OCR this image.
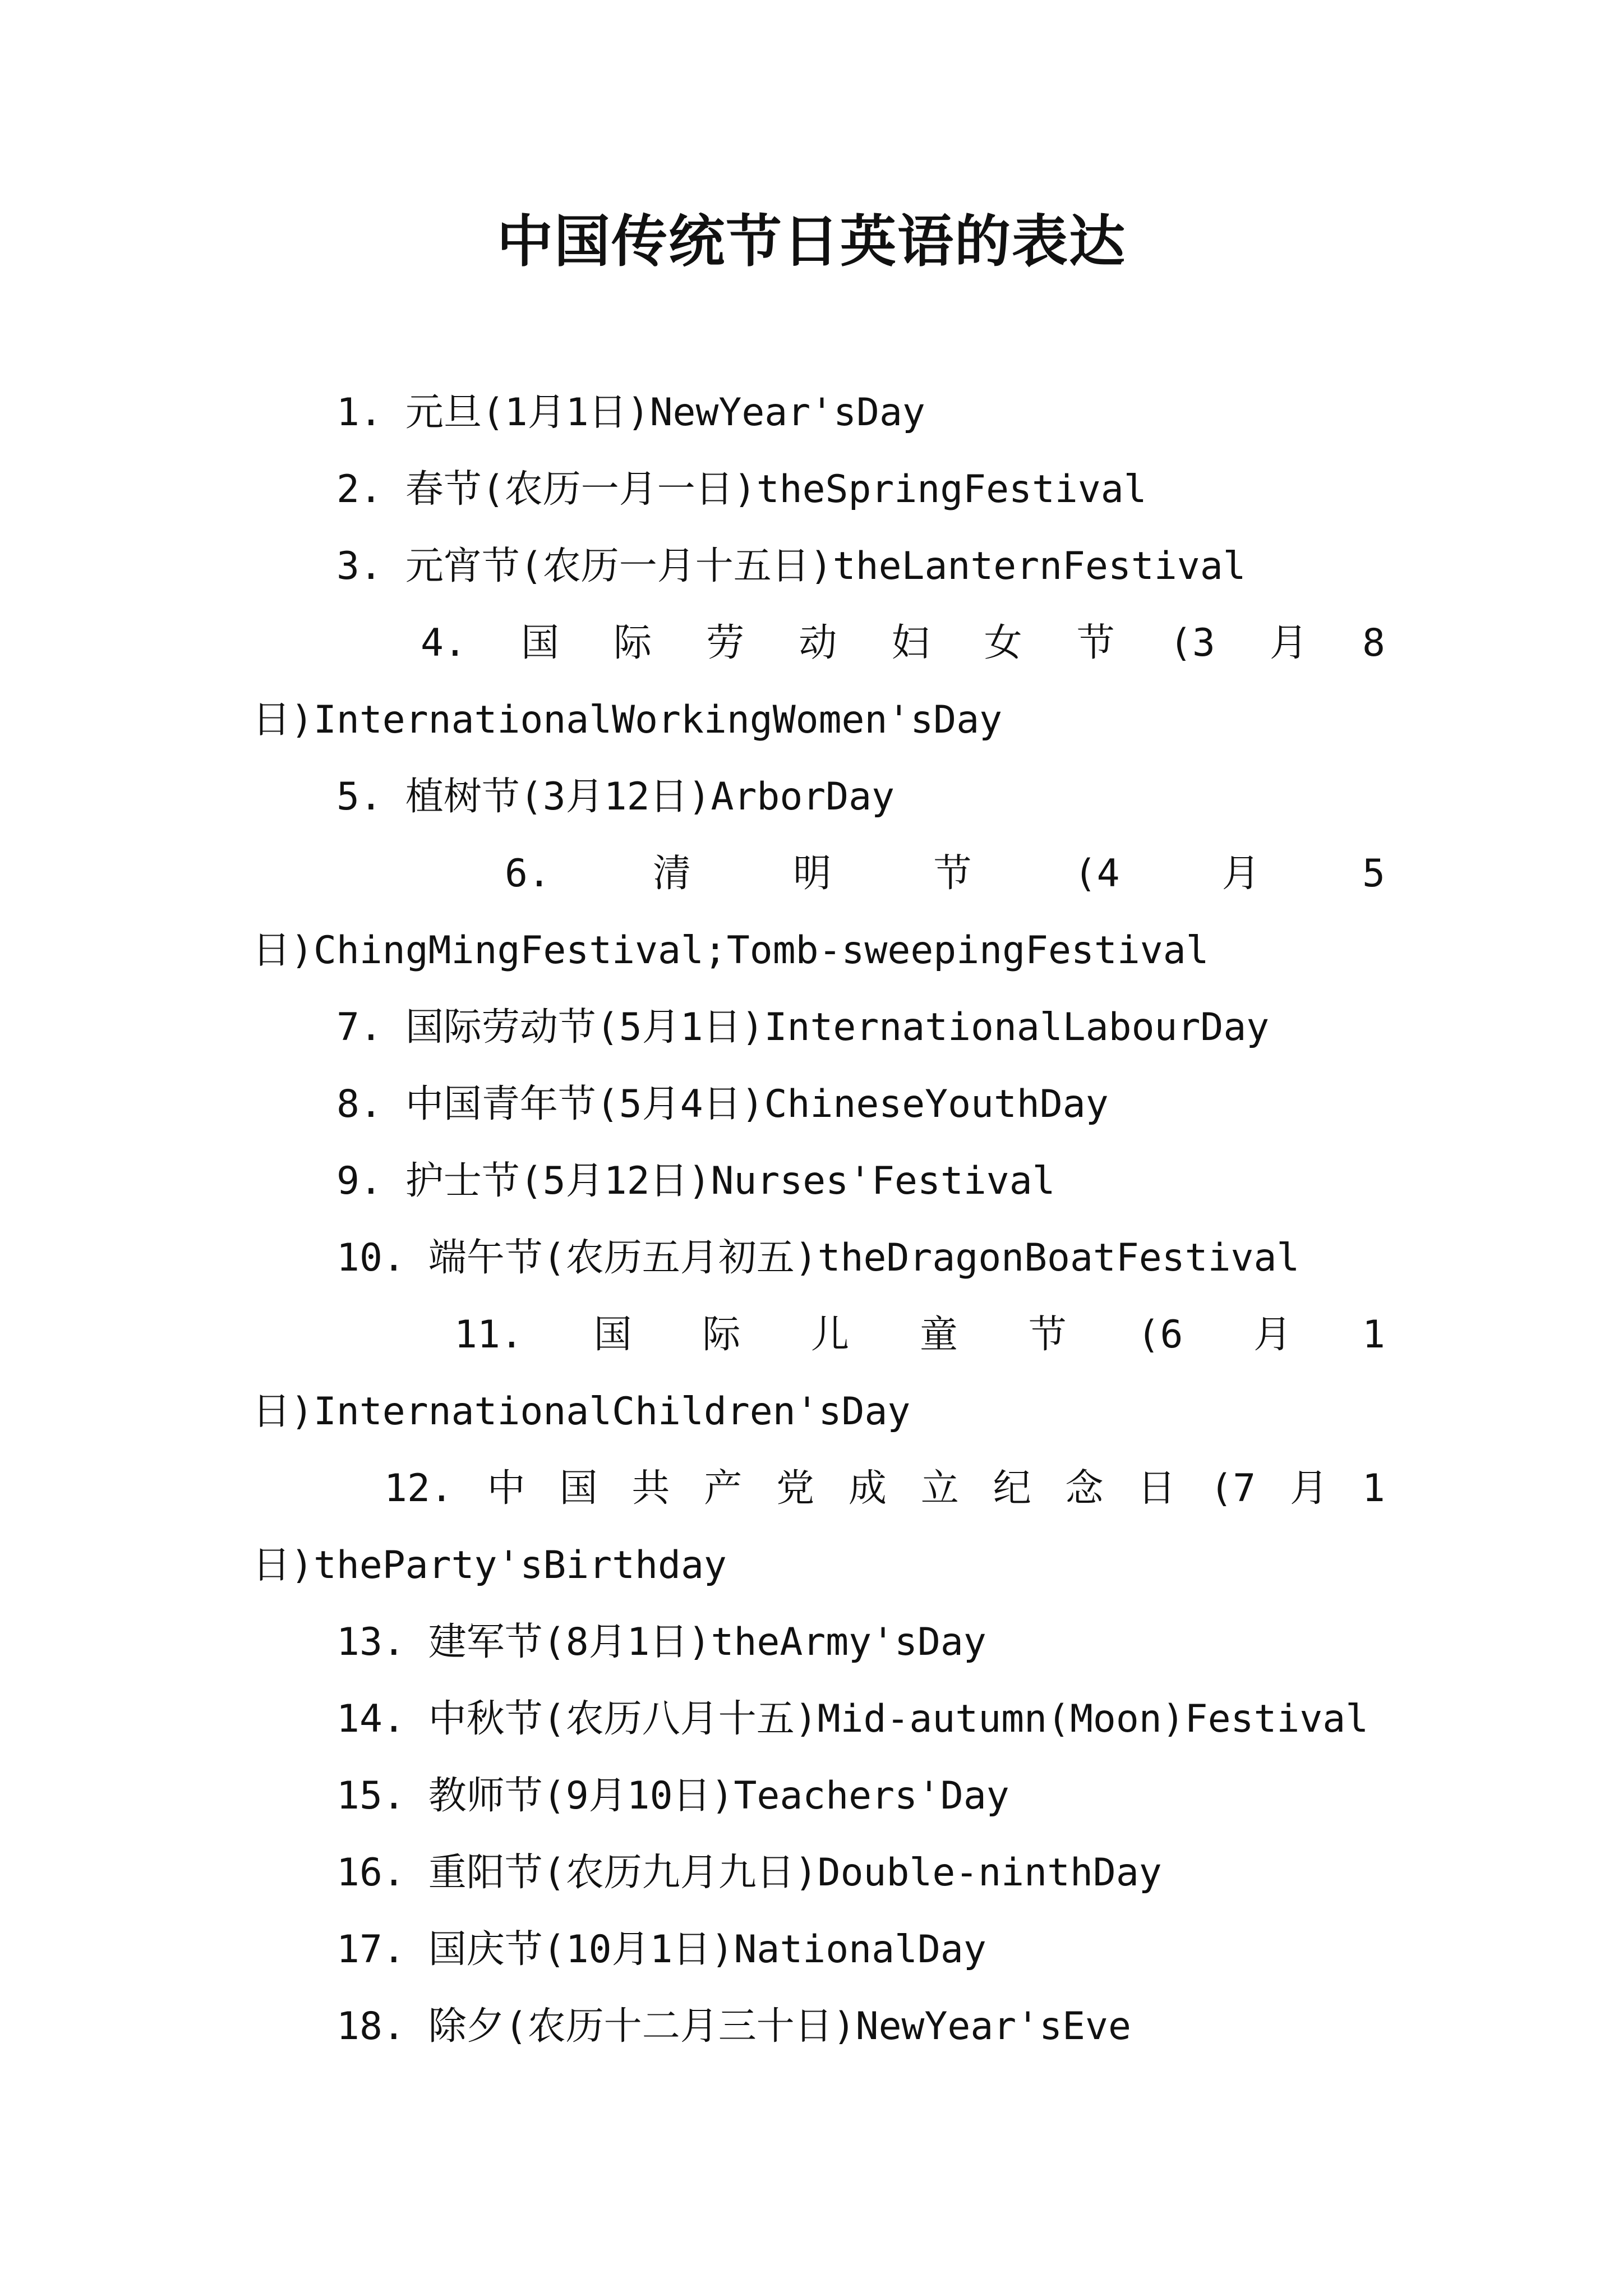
中国传统节日英语的表达
1. 元旦(1月1日)NewYear'sDay
2. 春节(农历一月一日)theSpringFestival
3. 元宵节(农历一月十五日)theLanternFestival
4. 国 际 劳 动 妇 女 节 (3 月 8
日)InternationalWorkingWomen'sDay
5. 植树节(3月12日)ArborDay
6.	清	明	节	(4	月	5
日)ChingMingFestival;Tomb-sweepingFestival
7. 国际劳动节(5月1日)InternationalLabourDay
8. 中国青年节(5月4日)ChineseYouthDay
9. 护士节(5月12日)Nurses'Festival
10. 端午节(农历五月初五)theDragonBoatFestival
11. 国 际 儿 童 节 (6 月 1
日)InternationalChildren'sDay
12. 中 国 共 产 党 成 立 纪 念 日 (7 月 1
日)theParty'sBirthday
13. 建军节(8月1日)theArmy'sDay
14. 中秋节(农历八月十五)Mid-autumn(Moon)Festival
15. 教师节(9月10日)Teachers'Day
16. 重阳节(农历九月九日)Double-ninthDay
17. 国庆节(10月1日)NationalDay
18. 除夕(农历十二月三十日)NewYear'sEve
